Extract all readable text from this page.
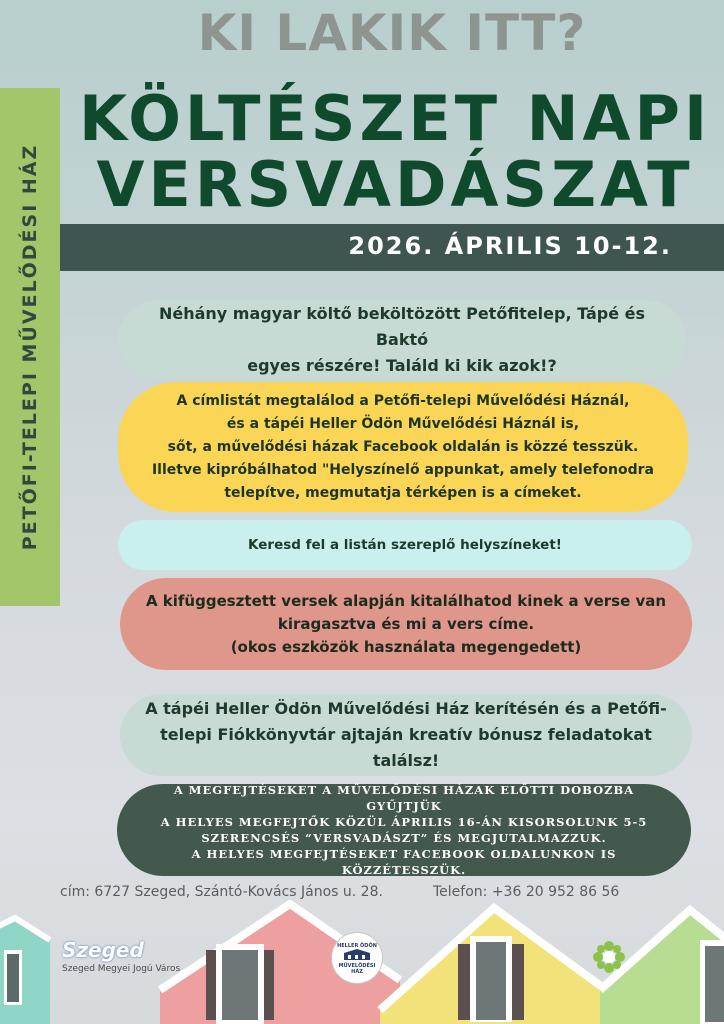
PETŐFI-TELEPI MŰVELŐDÉSI HÁZ
KI LAKIK ITT?
KÖLTÉSZET NAPI
VERSVADÁSZAT
2026. ÁPRILIS 10-12.
Néhány magyar költő beköltözött Petőfitelep, Tápé és Baktó
egyes részére! Találd ki kik azok!?
A címlistát megtalálod a Petőfi-telepi Művelődési Háznál,
és a tápéi Heller Ödön Művelődési Háznál is,
sőt, a művelődési házak Facebook oldalán is közzé tesszük.
Illetve kipróbálhatod "Helyszínelő appunkat, amely telefonodra
telepítve, megmutatja térképen is a címeket.
Keresd fel a listán szereplő helyszíneket!
A kifüggesztett versek alapján kitalálhatod kinek a verse van
kiragasztva és mi a vers címe.
(okos eszközök használata megengedett)
A tápéi Heller Ödön Művelődési Ház kerítésén és a Petőfi-
telepi Fiókkönyvtár ajtaján kreatív bónusz feladatokat találsz!
A MEGFEJTÉSEKET A MŰVELŐDÉSI HÁZAK ELŐTTI DOBOZBA GYŰJTJÜK
A HELYES MEGFEJTŐK KÖZÜL ÁPRILIS 16-ÁN KISORSOLUNK 5-5
SZERENCSÉS “VERSVADÁSZT” ÉS MEGJUTALMAZZUK.
A HELYES MEGFEJTÉSEKET FACEBOOK OLDALUNKON IS KÖZZÉTESSZÜK.
cím: 6727 Szeged, Szántó-Kovács János u. 28.	Telefon: +36 20 952 86 56
Szeged
Szeged Megyei Jogú Város
HELLER ÖDÖN
MŰVELŐDÉSI HÁZ
